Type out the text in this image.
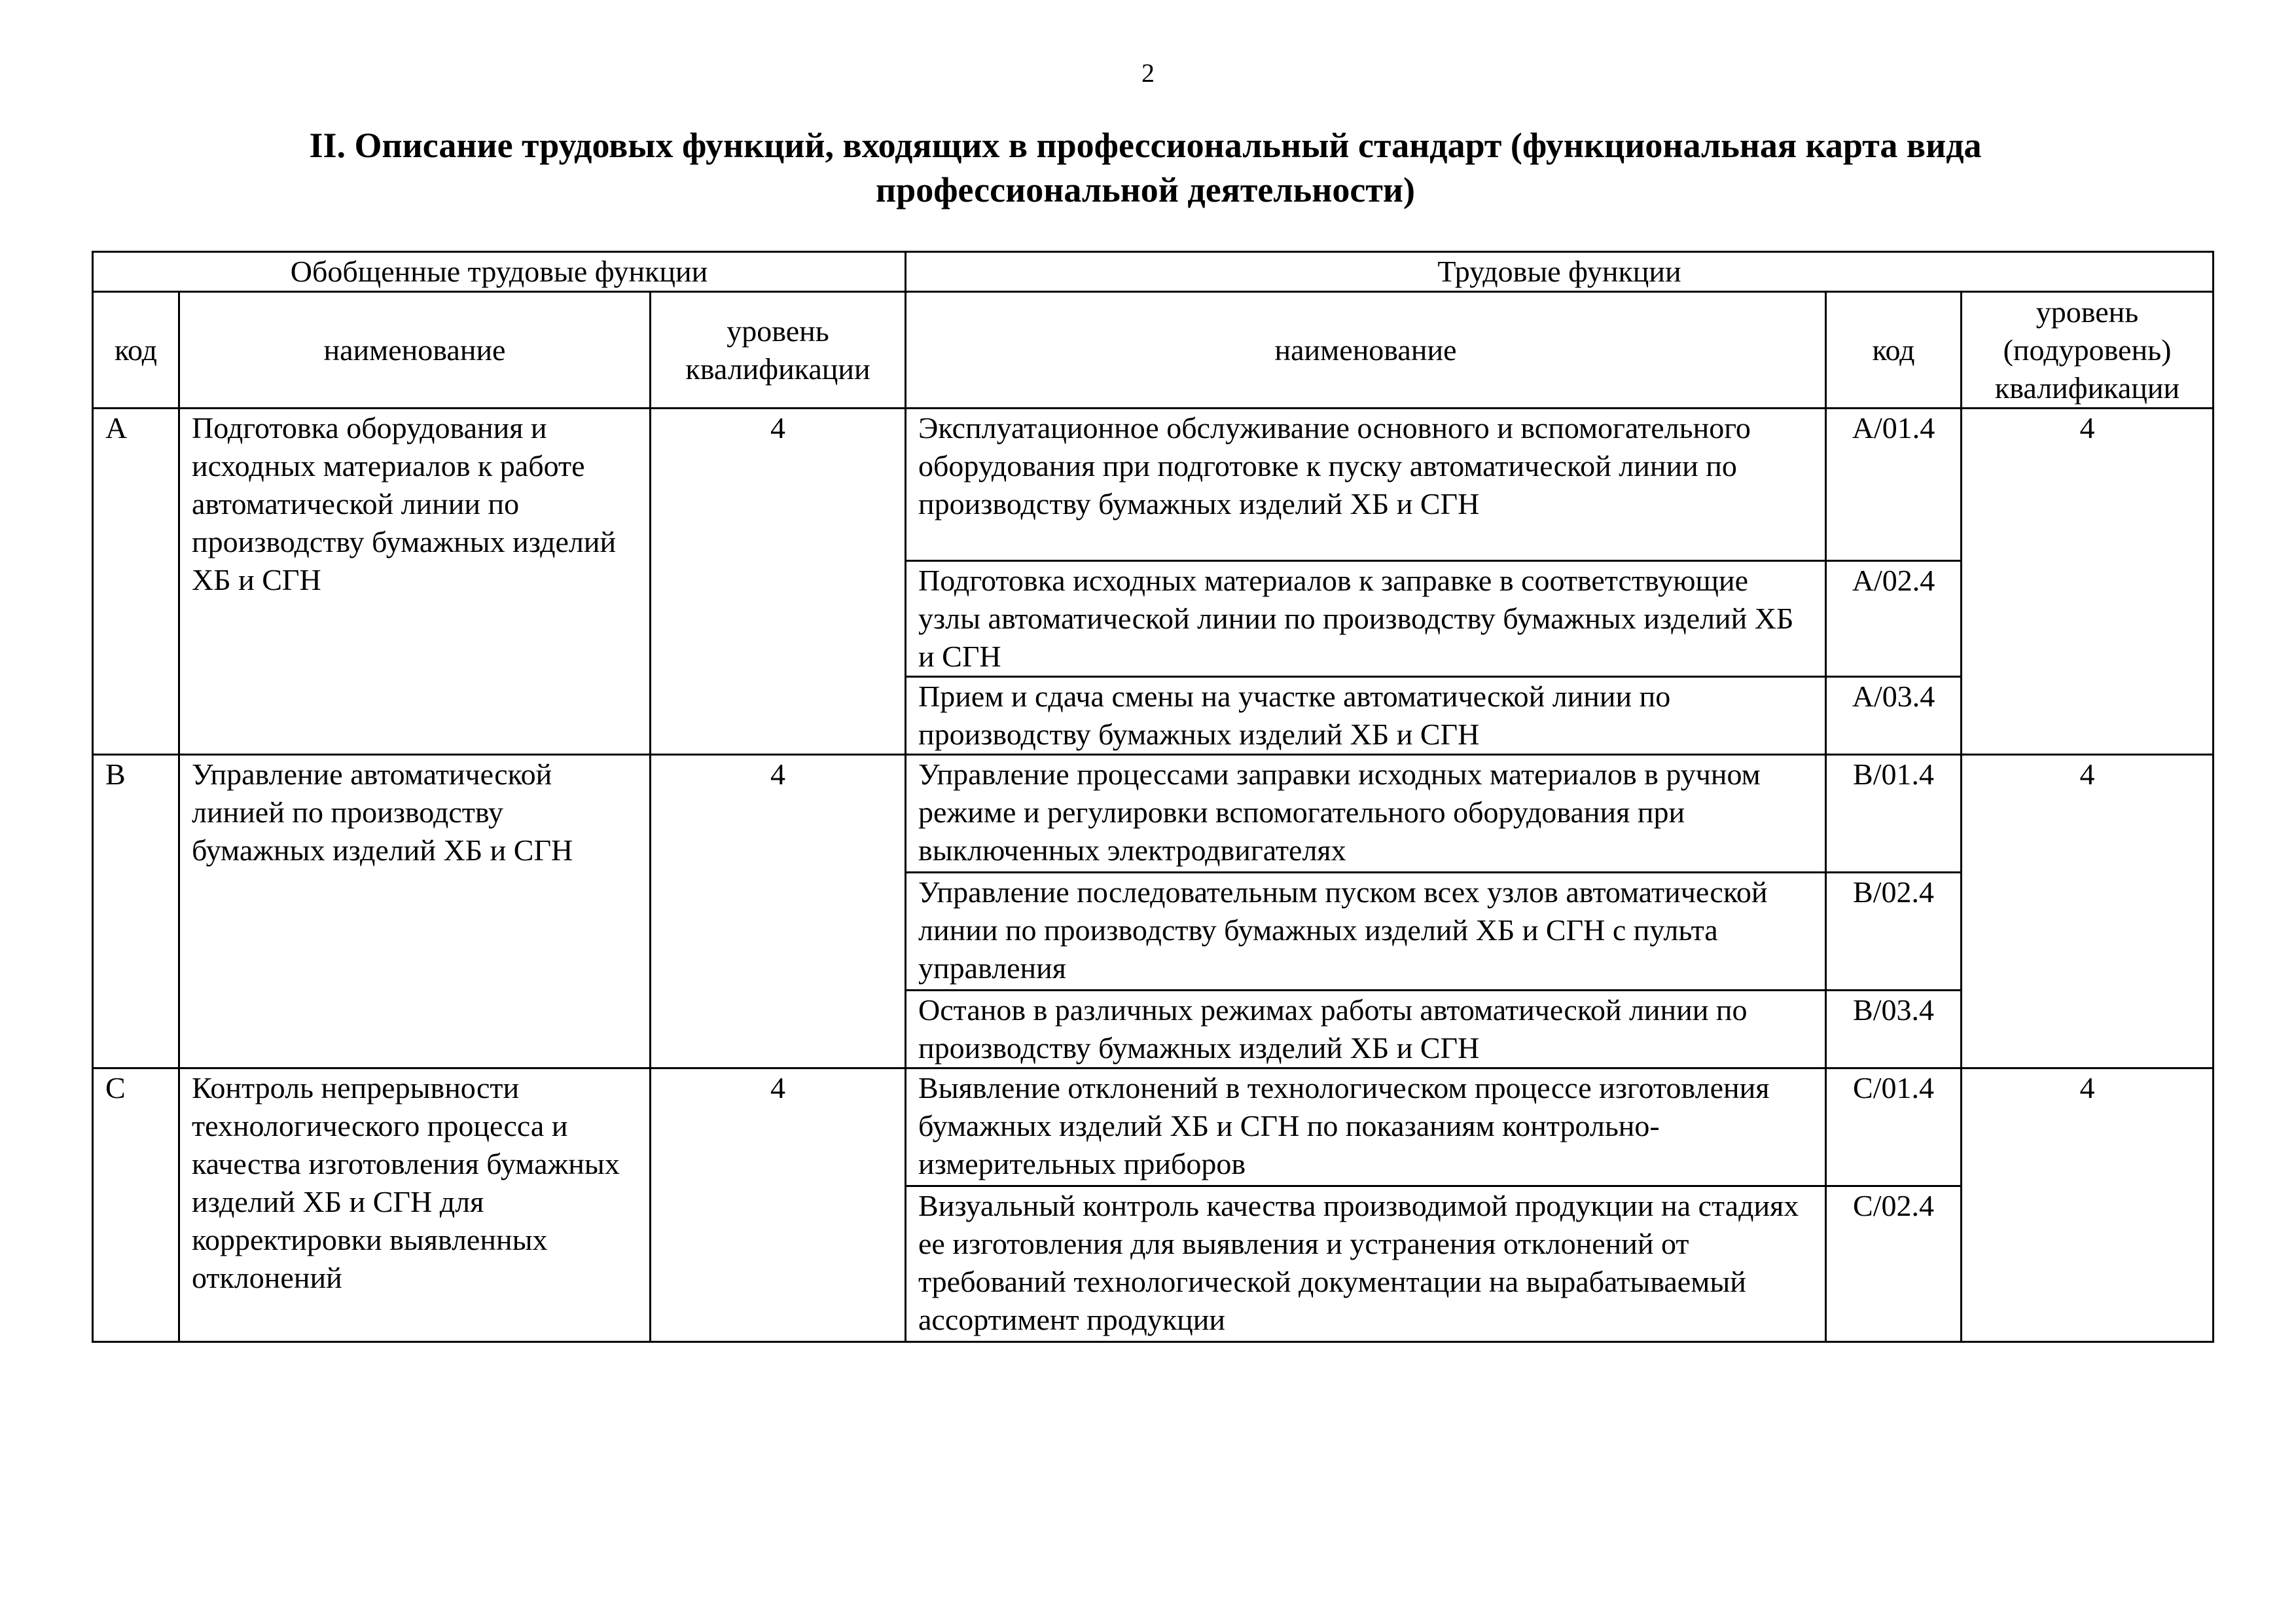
2
II. Описание трудовых функций, входящих в профессиональный стандарт (функциональная карта вида профессиональной деятельности)
Обобщенные трудовые функции			Трудовые функции		
код	наименование	уровень квалификации	наименование	код	уровень (подуровень) квалификации
A	Подготовка оборудования и исходных материалов к работе автоматической линии по производству бумажных изделий ХБ и СГН	4	Эксплуатационное обслуживание основного и вспомогательного оборудования при подготовке к пуску автоматической линии по производству бумажных изделий ХБ и СГН	A/01.4	4
			Подготовка исходных материалов к заправке в соответствующие узлы автоматической линии по производству бумажных изделий ХБ и СГН	A/02.4	
			Прием и сдача смены на участке автоматической линии по производству бумажных изделий ХБ и СГН	A/03.4	
B	Управление автоматической линией по производству бумажных изделий ХБ и СГН	4	Управление процессами заправки исходных материалов в ручном режиме и регулировки вспомогательного оборудования при выключенных электродвигателях	B/01.4	4
			Управление последовательным пуском всех узлов автоматической линии по производству бумажных изделий ХБ и СГН с пульта управления	B/02.4	
			Останов в различных режимах работы автоматической линии по производству бумажных изделий ХБ и СГН	B/03.4	
C	Контроль непрерывности технологического процесса и качества изготовления бумажных изделий ХБ и СГН для корректировки выявленных отклонений	4	Выявление отклонений в технологическом процессе изготовления бумажных изделий ХБ и СГН по показаниям контрольно-измерительных приборов	C/01.4	4
			Визуальный контроль качества производимой продукции на стадиях ее изготовления для выявления и устранения отклонений от требований технологической документации на вырабатываемый ассортимент продукции	C/02.4	
